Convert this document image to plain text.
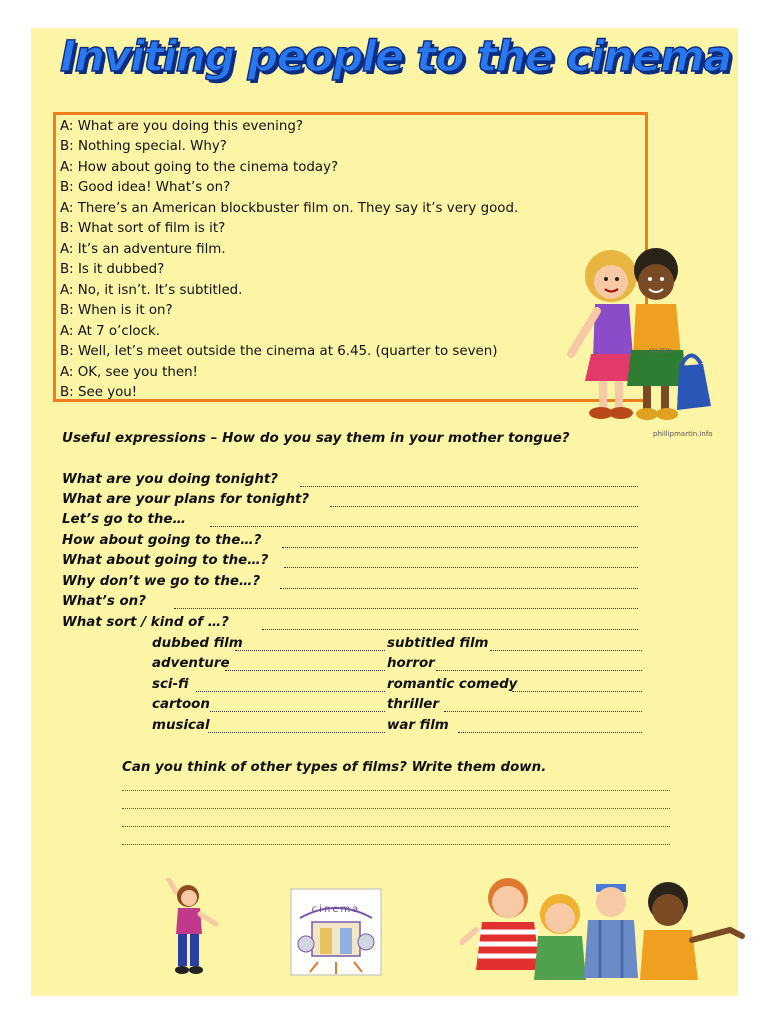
Inviting people to the cinema
A: What are you doing this evening?
B: Nothing special. Why?
A: How about going to the cinema today?
B: Good idea! What’s on?
A: There’s an American blockbuster film on. They say it’s very good.
B: What sort of film is it?
A: It’s an adventure film.
B: Is it dubbed?
A: No, it isn’t. It’s subtitled.
B: When is it on?
A: At 7 o’clock.
B: Well, let’s meet outside the cinema at 6.45. (quarter to seven)
A: OK, see you then!
B: See you!
MARTIN
phillipmartin.info
Useful expressions – How do you say them in your mother tongue?
What are you doing tonight?
What are your plans for tonight?
Let’s go to the…
How about going to the…?
What about going to the…?
Why don’t we go to the…?
What’s on?
What sort / kind of …?
dubbed film	subtitled film
adventure	horror
sci-fi	romantic comedy
cartoon	thriller
musical	war film
Can you think of other types of films? Write them down.
cinema
